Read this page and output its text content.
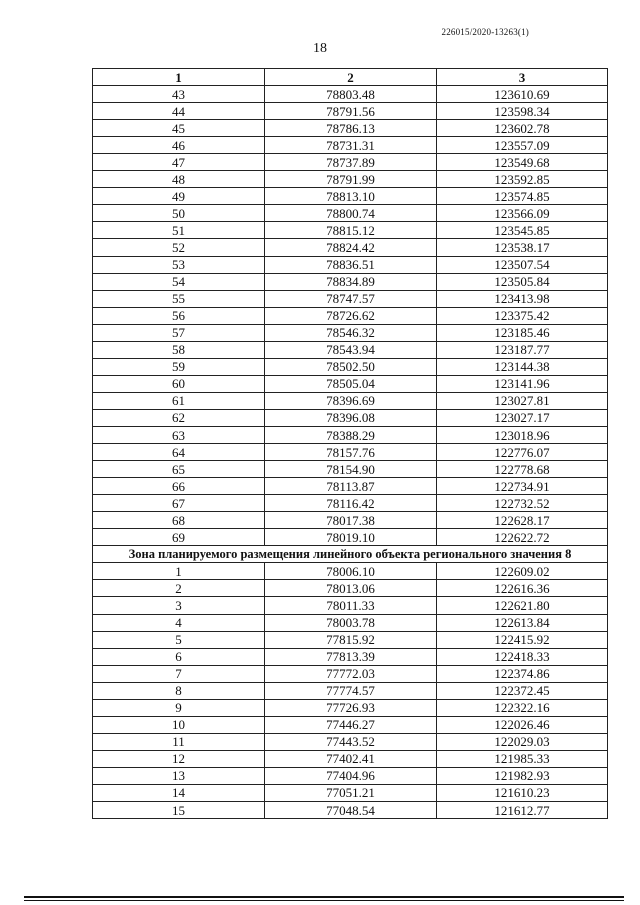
226015/2020-13263(1)
18
1	2	3
43	78803.48	123610.69
44	78791.56	123598.34
45	78786.13	123602.78
46	78731.31	123557.09
47	78737.89	123549.68
48	78791.99	123592.85
49	78813.10	123574.85
50	78800.74	123566.09
51	78815.12	123545.85
52	78824.42	123538.17
53	78836.51	123507.54
54	78834.89	123505.84
55	78747.57	123413.98
56	78726.62	123375.42
57	78546.32	123185.46
58	78543.94	123187.77
59	78502.50	123144.38
60	78505.04	123141.96
61	78396.69	123027.81
62	78396.08	123027.17
63	78388.29	123018.96
64	78157.76	122776.07
65	78154.90	122778.68
66	78113.87	122734.91
67	78116.42	122732.52
68	78017.38	122628.17
69	78019.10	122622.72
Зона планируемого размещения линейного объекта регионального значения 8		
1	78006.10	122609.02
2	78013.06	122616.36
3	78011.33	122621.80
4	78003.78	122613.84
5	77815.92	122415.92
6	77813.39	122418.33
7	77772.03	122374.86
8	77774.57	122372.45
9	77726.93	122322.16
10	77446.27	122026.46
11	77443.52	122029.03
12	77402.41	121985.33
13	77404.96	121982.93
14	77051.21	121610.23
15	77048.54	121612.77
